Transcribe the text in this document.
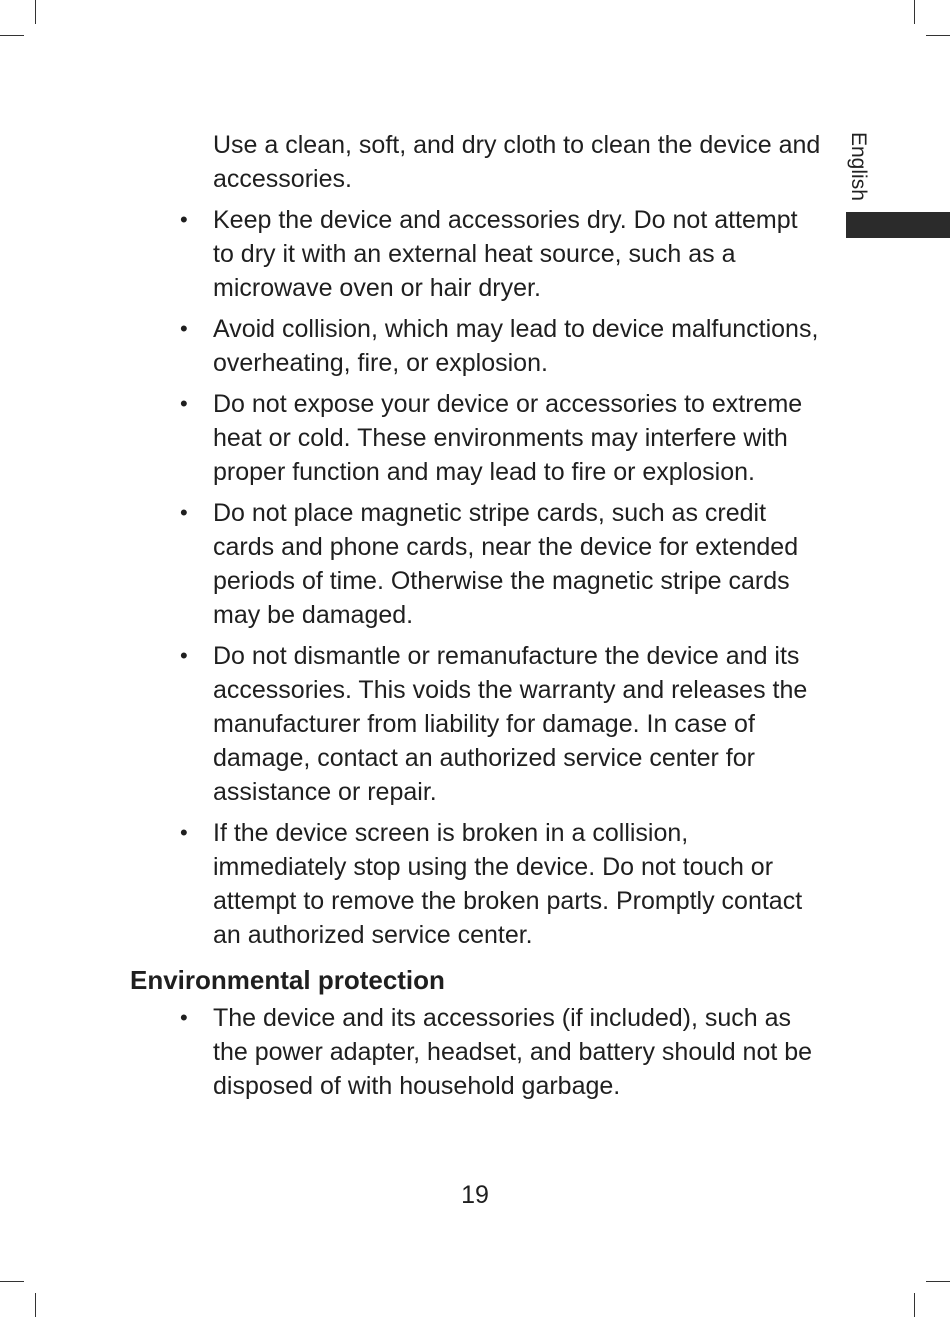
English

Use a clean, soft, and dry cloth to clean the device and accessories.

• Keep the device and accessories dry. Do not attempt to dry it with an external heat source, such as a microwave oven or hair dryer.
• Avoid collision, which may lead to device malfunctions, overheating, fire, or explosion.
• Do not expose your device or accessories to extreme heat or cold. These environments may interfere with proper function and may lead to fire or explosion.
• Do not place magnetic stripe cards, such as credit cards and phone cards, near the device for extended periods of time. Otherwise the magnetic stripe cards may be damaged.
• Do not dismantle or remanufacture the device and its accessories. This voids the warranty and releases the manufacturer from liability for damage. In case of damage, contact an authorized service center for assistance or repair.
• If the device screen is broken in a collision, immediately stop using the device. Do not touch or attempt to remove the broken parts. Promptly contact an authorized service center.
Environmental protection
• The device and its accessories (if included), such as the power adapter, headset, and battery should not be disposed of with household garbage.
19
